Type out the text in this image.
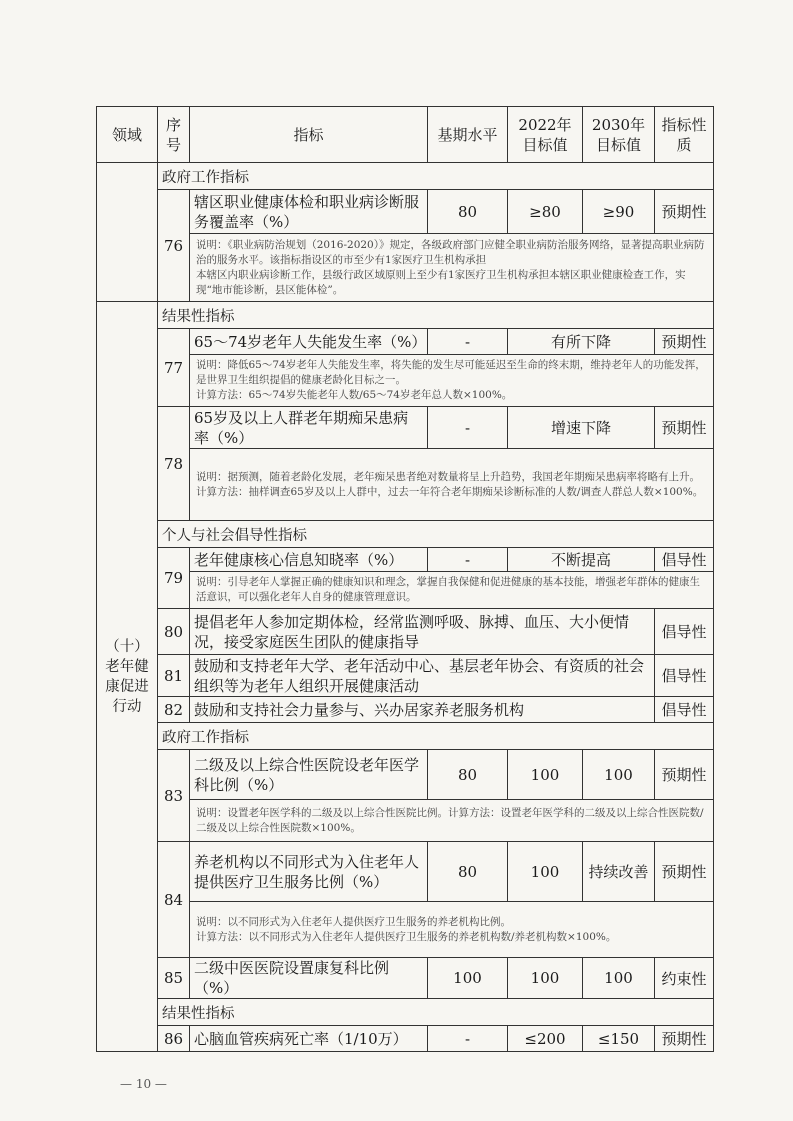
领域	序号	指标	基期水平	2022年目标值	2030年目标值	指标性质
	政府工作指标					
	76	辖区职业健康体检和职业病诊断服务覆盖率（%）	80	≥80	≥90	预期性

		说明：《职业病防治规划（2016-2020）》规定，各级政府部门应健全职业病防治服务网络，显著提高职业病防治的服务水平。该指标指设区的市至少有1家医疗卫生机构承担
本辖区内职业病诊断工作，县级行政区域原则上至少有1家医疗卫生机构承担本辖区职业健康检查工作，实现“地市能诊断，县区能体检”。				

（十）老年健康促进行动	结果性指标					
	77	65～74岁老年人失能发生率（%）	-	有所下降		预期性

		说明：降低65～74岁老年人失能发生率，将失能的发生尽可能延迟至生命的终末期，维持老年人的功能发挥，是世界卫生组织提倡的健康老龄化目标之一。
计算方法：65～74岁失能老年人数/65～74岁老年总人数×100%。				

	78	65岁及以上人群老年期痴呆患病率（%）	-	增速下降		预期性

		说明：据预测，随着老龄化发展，老年痴呆患者绝对数量将呈上升趋势，我国老年期痴呆患病率将略有上升。
计算方法：抽样调查65岁及以上人群中，过去一年符合老年期痴呆诊断标准的人数/调查人群总人数×100%。				

	个人与社会倡导性指标					
	79	老年健康核心信息知晓率（%）	-	不断提高		倡导性

		说明：引导老年人掌握正确的健康知识和理念，掌握自我保健和促进健康的基本技能，增强老年群体的健康生活意识，可以强化老年人自身的健康管理意识。				

	80	提倡老年人参加定期体检，经常监测呼吸、脉搏、血压、大小便情况，接受家庭医生团队的健康指导				倡导性
	81	鼓励和支持老年大学、老年活动中心、基层老年协会、有资质的社会组织等为老年人组织开展健康活动				倡导性
	82	鼓励和支持社会力量参与、兴办居家养老服务机构				倡导性
	政府工作指标					
	83	二级及以上综合性医院设老年医学科比例（%）	80	100	100	预期性

		说明：设置老年医学科的二级及以上综合性医院比例。计算方法：设置老年医学科的二级及以上综合性医院数/二级及以上综合性医院数×100%。				

	84	养老机构以不同形式为入住老年人提供医疗卫生服务比例（%）	80	100	持续改善	预期性

		说明：以不同形式为入住老年人提供医疗卫生服务的养老机构比例。
计算方法：以不同形式为入住老年人提供医疗卫生服务的养老机构数/养老机构数×100%。				

	85	二级中医医院设置康复科比例（%）	100	100	100	约束性
	结果性指标					
	86	心脑血管疾病死亡率（1/10万）	-	≤200	≤150	预期性
— 10 —
